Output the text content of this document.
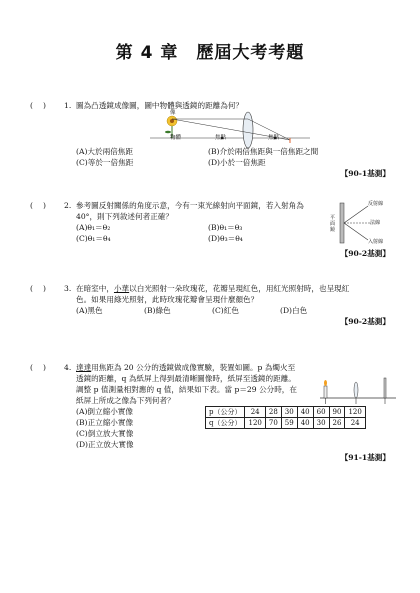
第 4 章　歷屆大考考題
(　 ) 1. 圖為凸透鏡成像圖，圖中物體與透鏡的距離為何？
像
物體	焦點	焦點
(A)大於兩倍焦距	(B)介於兩倍焦距與一倍焦距之間
(C)等於一倍焦距	(D)小於一倍焦距
【90-1基測】
(　 ) 2. 參考圖反射關係的角度示意，今有一束光線射向平面鏡，若入射角為
40°，則下列敘述何者正確？
(A)θ₁＝θ₂	(B)θ₁＝θ₃
(C)θ₁＝θ₄	(D)θ₃＝θ₄
反射線
法線
入射線
平面鏡
【90-2基測】
(　 ) 3. 在暗室中，小華以白光照射一朵玫瑰花，花瓣呈現紅色，用紅光照射時，也呈現紅
色。如果用綠光照射，此時玫瑰花瓣會呈現什麼顏色？
(A)黑色	(B)綠色	(C)紅色	(D)白色
【90-2基測】
(　 ) 4. 達達用焦距為 20 公分的透鏡做成像實驗，裝置如圖。p 為燭火至
透鏡的距離，q 為紙屏上得到最清晰圖像時，紙屏至透鏡的距離。
調整 p 值測量相對應的 q 值，結果如下表。當 p＝29 公分時，在
紙屏上所成之像為下列何者？
(A)倒立縮小實像
(B)正立縮小實像
(C)倒立放大實像
(D)正立放大實像
p（公分）	24	28	30	40	60	90	120
q（公分）	120	70	59	40	30	26	24
【91-1基測】
